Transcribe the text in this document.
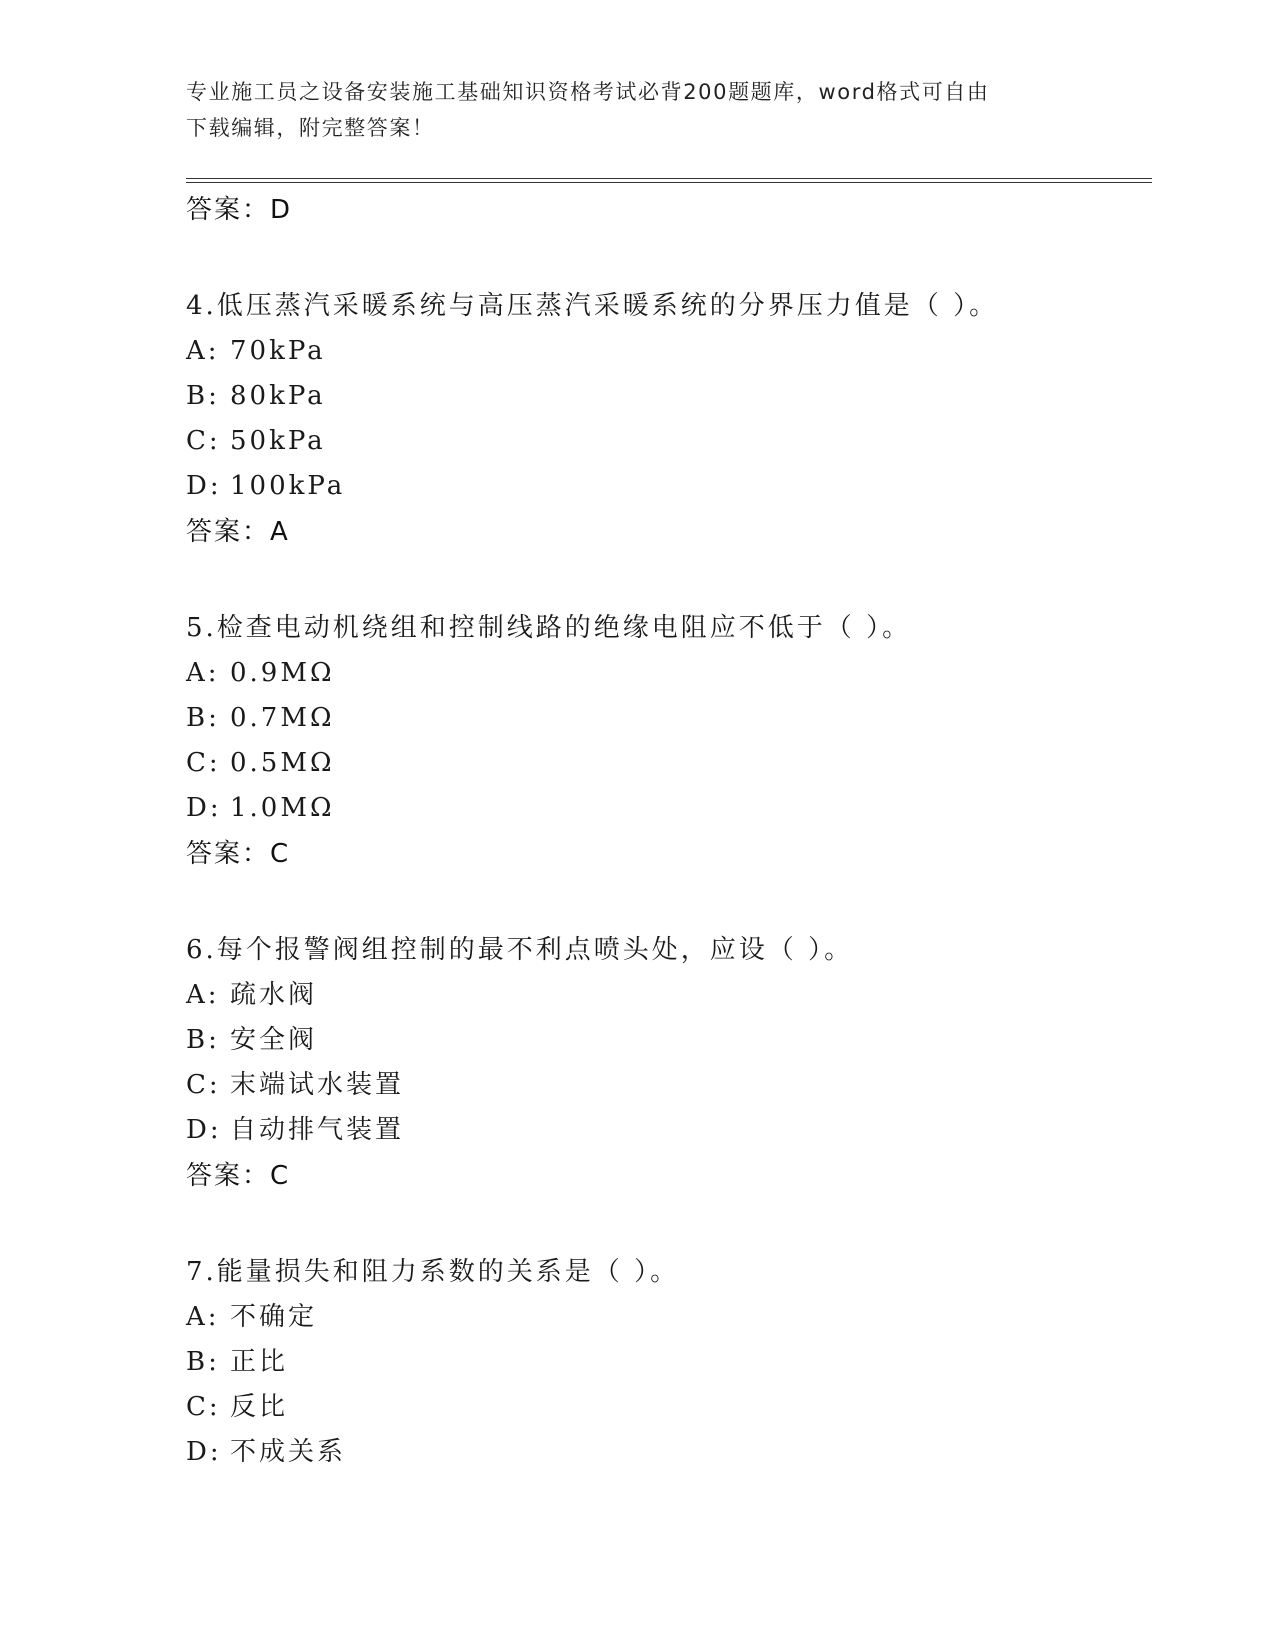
专业施工员之设备安装施工基础知识资格考试必背200题题库，word格式可自由
下载编辑，附完整答案！
答案：D
4.低压蒸汽采暖系统与高压蒸汽采暖系统的分界压力值是（ ）。
A: 70kPa
B: 80kPa
C: 50kPa
D: 100kPa
答案：A
5.检查电动机绕组和控制线路的绝缘电阻应不低于（ ）。
A: 0.9MΩ
B: 0.7MΩ
C: 0.5MΩ
D: 1.0MΩ
答案：C
6.每个报警阀组控制的最不利点喷头处，应设（ ）。
A: 疏水阀
B: 安全阀
C: 末端试水装置
D: 自动排气装置
答案：C
7.能量损失和阻力系数的关系是（ ）。
A: 不确定
B: 正比
C: 反比
D: 不成关系
